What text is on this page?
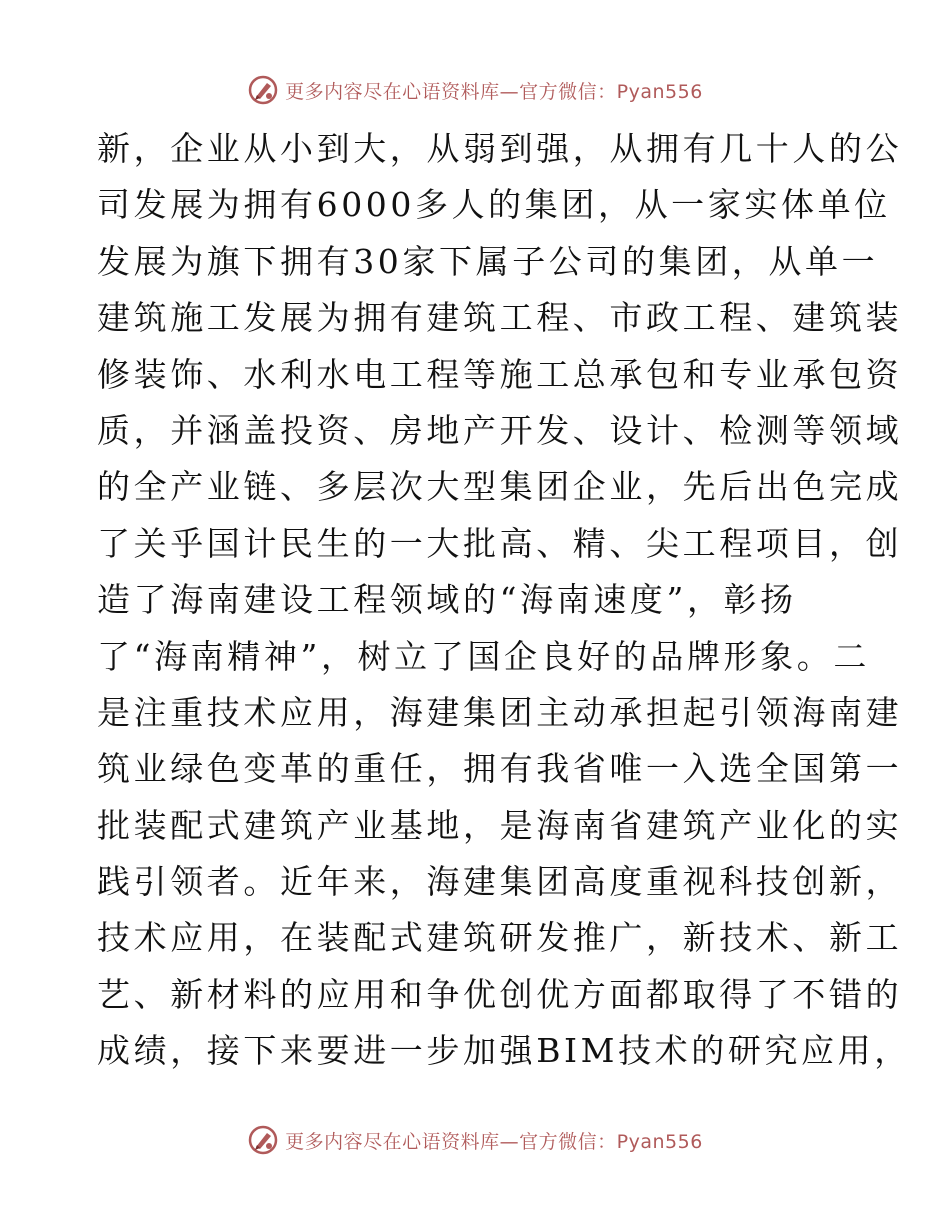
更多内容尽在心语资料库—官方微信：Pyan556
新，企业从小到大，从弱到强，从拥有几十人的公
司发展为拥有6000多人的集团，从一家实体单位
发展为旗下拥有30家下属子公司的集团，从单一
建筑施工发展为拥有建筑工程、市政工程、建筑装
修装饰、水利水电工程等施工总承包和专业承包资
质，并涵盖投资、房地产开发、设计、检测等领域
的全产业链、多层次大型集团企业，先后出色完成
了关乎国计民生的一大批高、精、尖工程项目，创
造了海南建设工程领域的“海南速度”，彰扬
了“海南精神”，树立了国企良好的品牌形象。二
是注重技术应用，海建集团主动承担起引领海南建
筑业绿色变革的重任，拥有我省唯一入选全国第一
批装配式建筑产业基地，是海南省建筑产业化的实
践引领者。近年来，海建集团高度重视科技创新，
技术应用，在装配式建筑研发推广，新技术、新工
艺、新材料的应用和争优创优方面都取得了不错的
成绩，接下来要进一步加强BIM技术的研究应用，
更多内容尽在心语资料库—官方微信：Pyan556
